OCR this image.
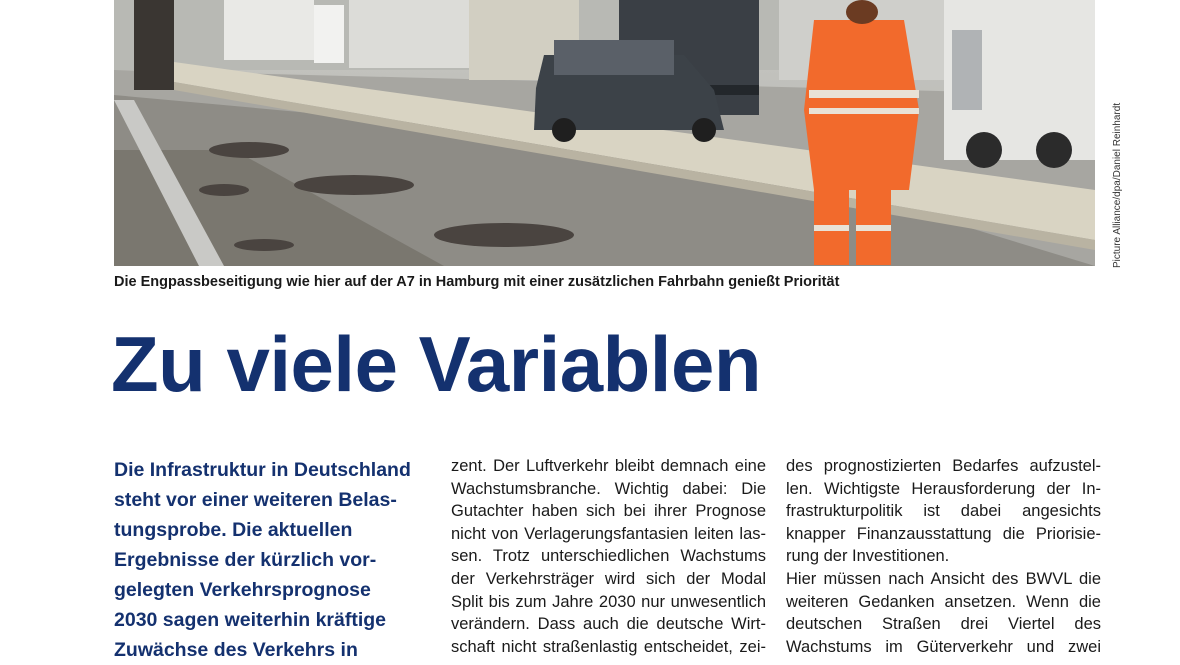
Picture Alliance/dpa/Daniel Reinhardt
Die Engpassbeseitigung wie hier auf der A7 in Hamburg mit einer zusätzlichen Fahrbahn genießt Priorität
Zu viele Variablen
Die Infrastruktur in Deutschland
steht vor einer weiteren Belas-
tungsprobe. Die aktuellen
Ergebnisse der kürzlich vor-
gelegten Verkehrsprognose
2030 sagen weiterhin kräftige
Zuwächse des Verkehrs in
zent. Der Luftverkehr bleibt demnach eine
Wachstumsbranche. Wichtig dabei: Die
Gutachter haben sich bei ihrer Prognose
nicht von Verlagerungsfantasien leiten las-
sen. Trotz unterschiedlichen Wachstums
der Verkehrsträger wird sich der Modal
Split bis zum Jahre 2030 nur unwesentlich
verändern. Dass auch die deutsche Wirt-
schaft nicht straßenlastig entscheidet, zei-
des prognostizierten Bedarfes aufzustel-
len. Wichtigste Herausforderung der In-
frastrukturpolitik ist dabei angesichts
knapper Finanzausstattung die Priorisie-
rung der Investitionen.
Hier müssen nach Ansicht des BWVL die
weiteren Gedanken ansetzen. Wenn die
deutschen Straßen drei Viertel des
Wachstums im Güterverkehr und zwei
